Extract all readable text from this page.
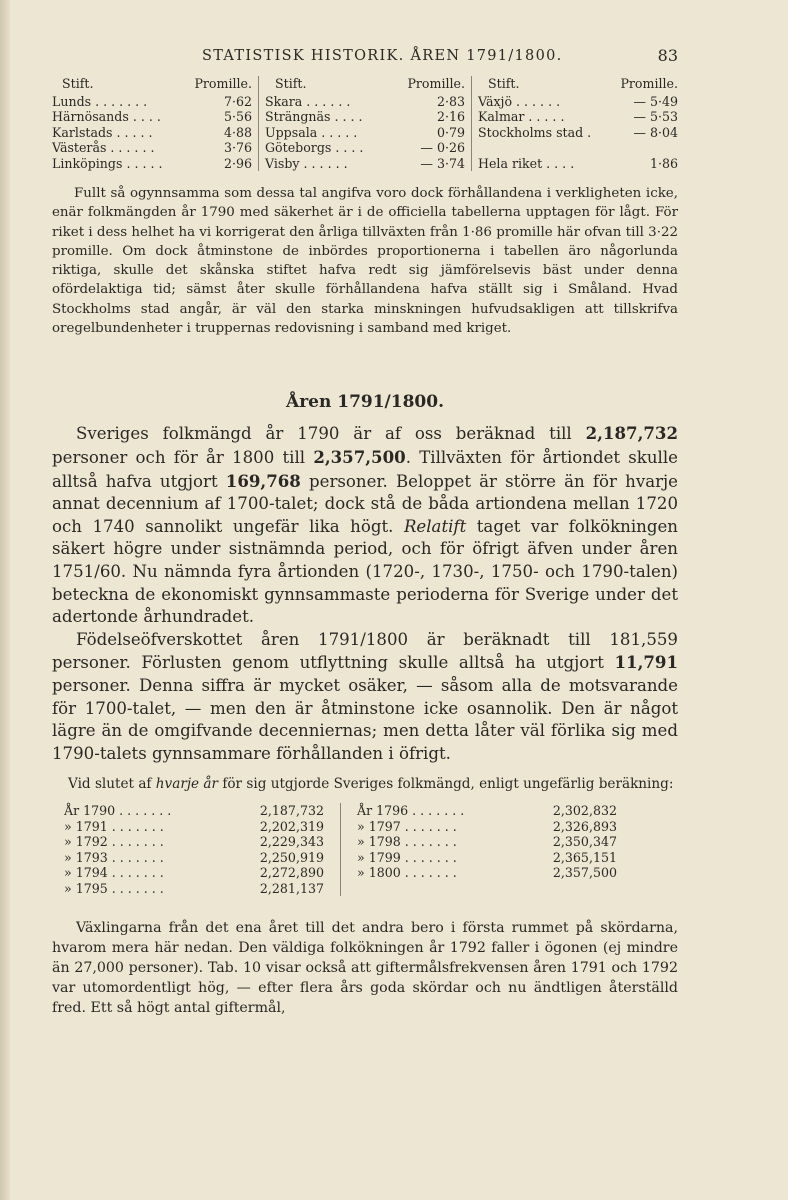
STATISTISK HISTORIK. ÅREN 1791/1800.	83
Stift.	Promille.
Lunds . . . . . . .	7·62
Härnösands . . . .	5·56
Karlstads . . . . .	4·88
Västerås . . . . . .	3·76
Linköpings . . . . .	2·96
Stift.	Promille.
Skara . . . . . .	2·83
Strängnäs . . . .	2·16
Uppsala . . . . .	0·79
Göteborgs . . . .	— 0·26
Visby . . . . . .	— 3·74
Stift.	Promille.
Växjö . . . . . .	— 5·49
Kalmar . . . . .	— 5·53
Stockholms stad .	— 8·04

Hela riket . . . .	1·86

Fullt så ogynnsamma som dessa tal angifva voro dock förhållandena i verkligheten icke, enär folkmängden år 1790 med säkerhet är i de officiella tabellerna upptagen för lågt. För riket i dess helhet ha vi korrigerat den årliga tillväxten från 1·86 promille här ofvan till 3·22 promille. Om dock åtminstone de inbördes proportionerna i tabellen äro någorlunda riktiga, skulle det skånska stiftet hafva redt sig jämförelsevis bäst under denna ofördelaktiga tid; sämst åter skulle förhållandena hafva ställt sig i Småland. Hvad Stockholms stad angår, är väl den starka minskningen hufvudsakligen att tillskrifva oregelbundenheter i truppernas redovisning i samband med kriget.

Åren 1791/1800.

Sveriges folkmängd år 1790 är af oss beräknad till 2,187,732 personer och för år 1800 till 2,357,500. Tillväxten för årtiondet skulle alltså hafva utgjort 169,768 personer. Beloppet är större än för hvarje annat decennium af 1700-talet; dock stå de båda artiondena mellan 1720 och 1740 sannolikt ungefär lika högt. Relatift taget var folkökningen säkert högre under sistnämnda period, och för öfrigt äfven under åren 1751/60. Nu nämnda fyra årtionden (1720-, 1730-, 1750- och 1790-talen) beteckna de ekonomiskt gynnsammaste perioderna för Sverige under det adertonde århundradet.

Födelseöfverskottet åren 1791/1800 är beräknadt till 181,559 personer. Förlusten genom utflyttning skulle alltså ha utgjort 11,791 personer. Denna siffra är mycket osäker, — såsom alla de motsvarande för 1700-talet, — men den är åtminstone icke osannolik. Den är något lägre än de omgifvande decenniernas; men detta låter väl förlika sig med 1790-talets gynnsammare förhållanden i öfrigt.

Vid slutet af hvarje år för sig utgjorde Sveriges folkmängd, enligt ungefärlig beräkning:

År 1790 . . . . . . .	2,187,732
» 1791 . . . . . . .	2,202,319
» 1792 . . . . . . .	2,229,343
» 1793 . . . . . . .	2,250,919
» 1794 . . . . . . .	2,272,890
» 1795 . . . . . . .	2,281,137
År 1796 . . . . . . .	2,302,832
» 1797 . . . . . . .	2,326,893
» 1798 . . . . . . .	2,350,347
» 1799 . . . . . . .	2,365,151
» 1800 . . . . . . .	2,357,500

Växlingarna från det ena året till det andra bero i första rummet på skördarna, hvarom mera här nedan. Den väldiga folkökningen år 1792 faller i ögonen (ej mindre än 27,000 personer). Tab. 10 visar också att giftermålsfrekvensen åren 1791 och 1792 var utomordentligt hög, — efter flera års goda skördar och nu ändtligen återställd fred. Ett så högt antal giftermål,
